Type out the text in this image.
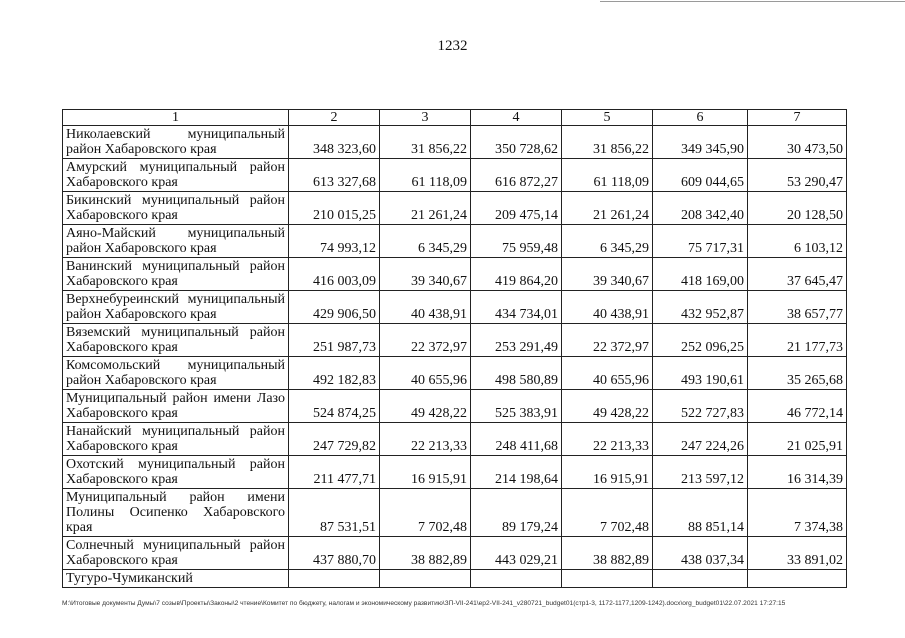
1232
1	2	3	4	5	6	7
Николаевский муниципальный район Хабаровского края	348 323,60	31 856,22	350 728,62	31 856,22	349 345,90	30 473,50
Амурский муниципальный район Хабаровского края	613 327,68	61 118,09	616 872,27	61 118,09	609 044,65	53 290,47
Бикинский муниципальный район Хабаровского края	210 015,25	21 261,24	209 475,14	21 261,24	208 342,40	20 128,50
Аяно-Майский муниципальный район Хабаровского края	74 993,12	6 345,29	75 959,48	6 345,29	75 717,31	6 103,12
Ванинский муниципальный район Хабаровского края	416 003,09	39 340,67	419 864,20	39 340,67	418 169,00	37 645,47
Верхнебуреинский муниципальный район Хабаровского края	429 906,50	40 438,91	434 734,01	40 438,91	432 952,87	38 657,77
Вяземский муниципальный район Хабаровского края	251 987,73	22 372,97	253 291,49	22 372,97	252 096,25	21 177,73
Комсомольский муниципальный район Хабаровского края	492 182,83	40 655,96	498 580,89	40 655,96	493 190,61	35 265,68
Муниципальный район имени Лазо Хабаровского края	524 874,25	49 428,22	525 383,91	49 428,22	522 727,83	46 772,14
Нанайский муниципальный район Хабаровского края	247 729,82	22 213,33	248 411,68	22 213,33	247 224,26	21 025,91
Охотский муниципальный район Хабаровского края	211 477,71	16 915,91	214 198,64	16 915,91	213 597,12	16 314,39
Муниципальный район имени Полины Осипенко Хабаровского края	87 531,51	7 702,48	89 179,24	7 702,48	88 851,14	7 374,38
Солнечный муниципальный район Хабаровского края	437 880,70	38 882,89	443 029,21	38 882,89	438 037,34	33 891,02
Тугуро-Чумиканский						
M:\Итоговые документы Думы\7 созыв\Проекты\Законы\2 чтение\Комитет по бюджету, налогам и экономическому развитию\ЗП-VII-241\ер2-VII-241_v280721_budget01(стр1-3, 1172-1177,1209-1242).docx\org_budget01\22.07.2021 17:27:15
